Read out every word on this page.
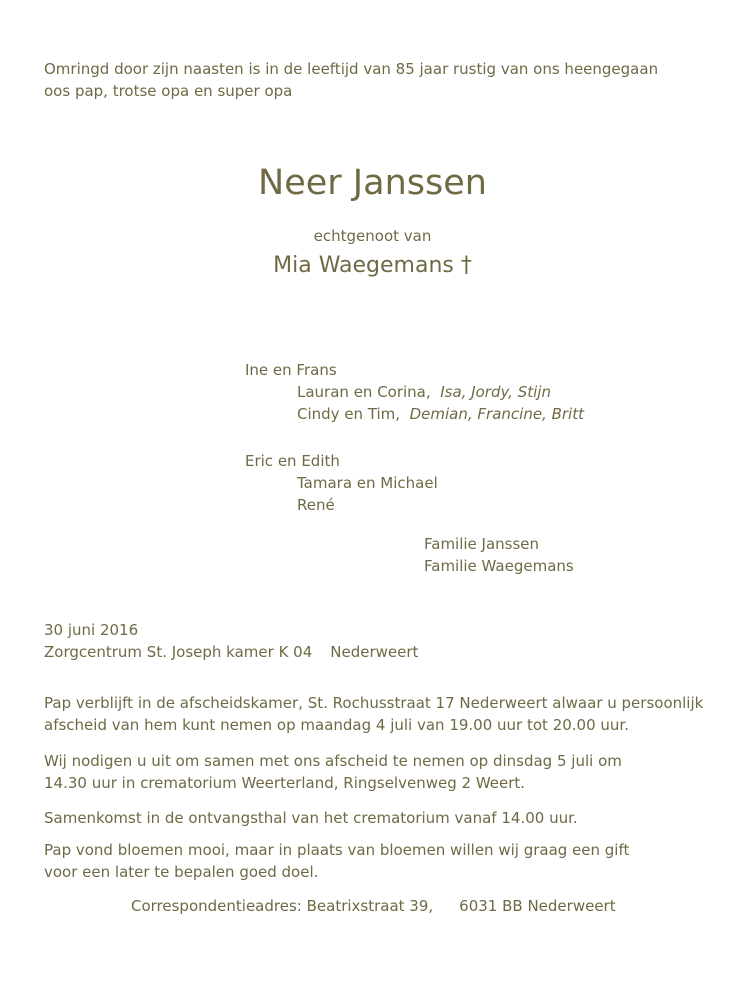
Omringd door zijn naasten is in de leeftijd van 85 jaar rustig van ons heengegaan
oos pap, trotse opa en super opa
Neer Janssen
echtgenoot van
Mia Waegemans †
Ine en Frans
Lauran en Corina, Isa, Jordy, Stijn
Cindy en Tim, Demian, Francine, Britt
Eric en Edith
Tamara en Michael
René
Familie Janssen
Familie Waegemans
30 juni 2016
Zorgcentrum St. Joseph kamer K 04 Nederweert
Pap verblijft in de afscheidskamer, St. Rochusstraat 17 Nederweert alwaar u persoonlijk
afscheid van hem kunt nemen op maandag 4 juli van 19.00 uur tot 20.00 uur.
Wij nodigen u uit om samen met ons afscheid te nemen op dinsdag 5 juli om
14.30 uur in crematorium Weerterland, Ringselvenweg 2 Weert.
Samenkomst in de ontvangsthal van het crematorium vanaf 14.00 uur.
Pap vond bloemen mooi, maar in plaats van bloemen willen wij graag een gift
voor een later te bepalen goed doel.
Correspondentieadres: Beatrixstraat 39, 6031 BB Nederweert
